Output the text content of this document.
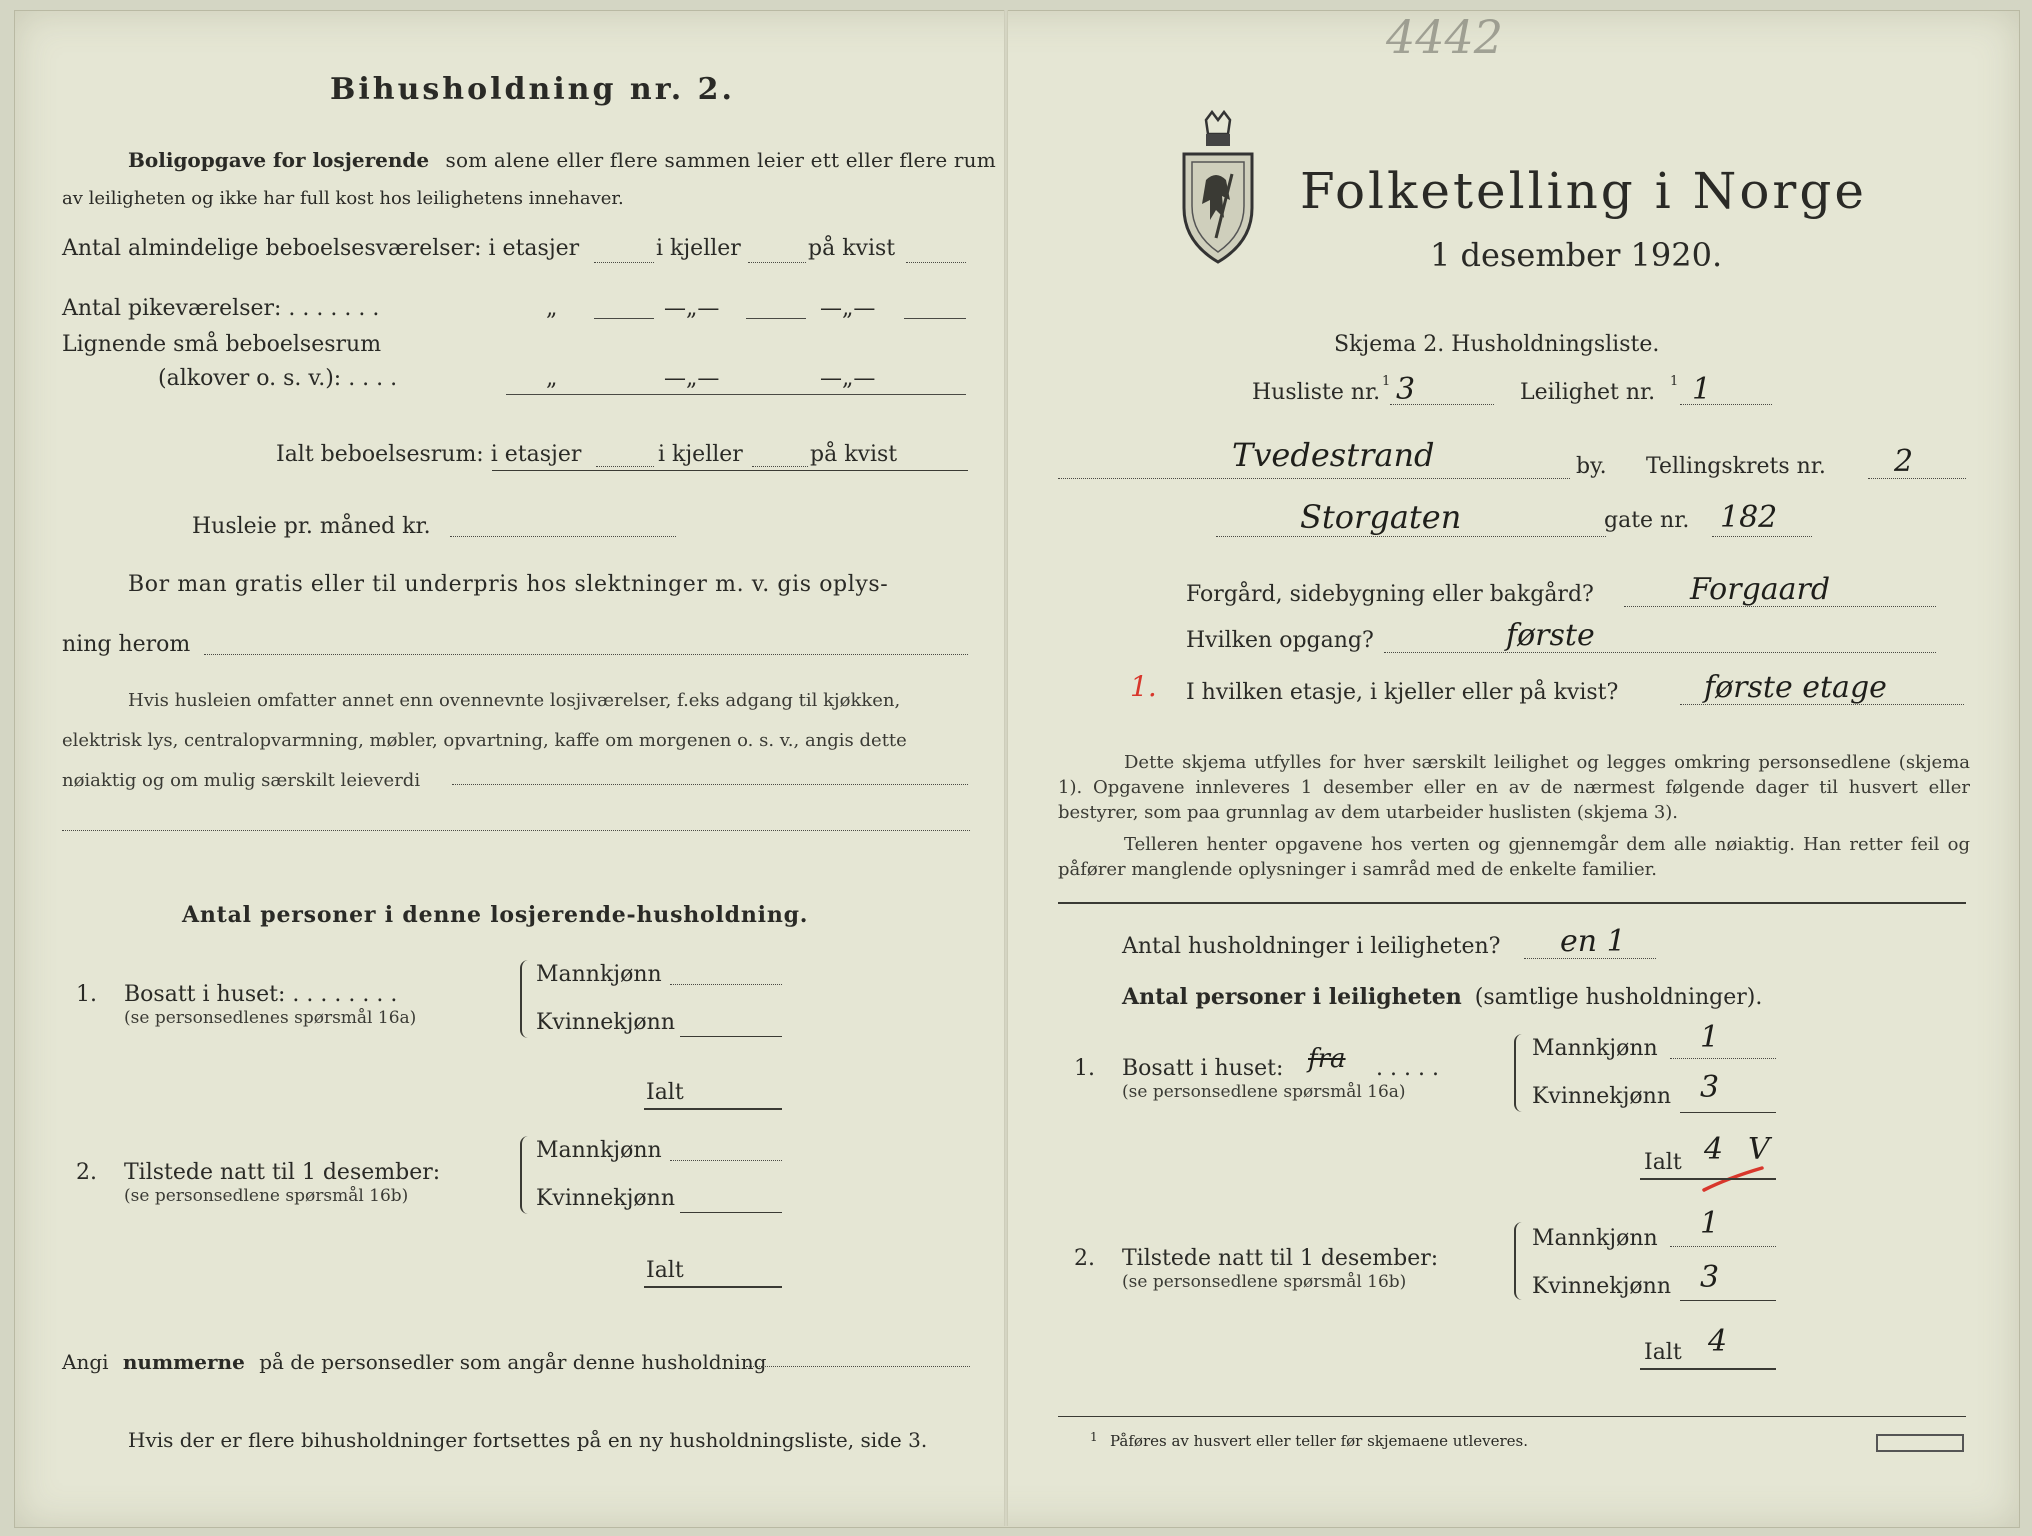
Bihusholdning nr. 2.
Boligopgave for losjerende som alene eller flere sammen leier ett eller flere rum
av leiligheten og ikke har full kost hos leilighetens innehaver.
Antal almindelige beboelsesværelser: i etasjer	i kjeller	på kvist
Antal pikeværelser: . . . . . . .	„	—„—	—„—
Lignende små beboelsesrum
(alkover o. s. v.): . . . .	„	—„—	—„—
Ialt beboelsesrum: i etasjer	i kjeller	på kvist
Husleie pr. måned kr.
Bor man gratis eller til underpris hos slektninger m. v. gis oplys-
ning herom
Hvis husleien omfatter annet enn ovennevnte losjiværelser, f.eks adgang til kjøkken,
elektrisk lys, centralopvarmning, møbler, opvartning, kaffe om morgenen o. s. v., angis dette
nøiaktig og om mulig særskilt leieverdi
Antal personer i denne losjerende-husholdning.
1. Bosatt i huset: . . . . . . . .
(se personsedlenes spørsmål 16a)
Mannkjønn
Kvinnekjønn
Ialt
2. Tilstede natt til 1 desember:
(se personsedlene spørsmål 16b)
Mannkjønn
Kvinnekjønn
Ialt
Angi nummerne på de personsedler som angår denne husholdning
Hvis der er flere bihusholdninger fortsettes på en ny husholdningsliste, side 3.
4442
Folketelling i Norge
1 desember 1920.
Skjema 2. Husholdningsliste.
Husliste nr. 1 3	Leilighet nr. 1 1
Tvedestrand	by. Tellingskrets nr. 2
Storgaten	gate nr. 182
Forgård, sidebygning eller bakgård?	Forgaard
Hvilken opgang?	første
1. I hvilken etasje, i kjeller eller på kvist?	første etage
Dette skjema utfylles for hver særskilt leilighet og legges omkring personsedlene (skjema 1). Opgavene innleveres 1 desember eller en av de nærmest følgende dager til husvert eller bestyrer, som paa grunnlag av dem utarbeider huslisten (skjema 3).
Telleren henter opgavene hos verten og gjennemgår dem alle nøiaktig. Han retter feil og påfører manglende oplysninger i samråd med de enkelte familier.
Antal husholdninger i leiligheten? en 1
Antal personer i leiligheten (samtlige husholdninger).
1. Bosatt i huset: fra . . . . .
(se personsedlene spørsmål 16a)
Mannkjønn 1
Kvinnekjønn 3
Ialt 4 V
2. Tilstede natt til 1 desember:
(se personsedlene spørsmål 16b)
Mannkjønn 1
Kvinnekjønn 3
Ialt 4
1 Påføres av husvert eller teller før skjemaene utleveres.
